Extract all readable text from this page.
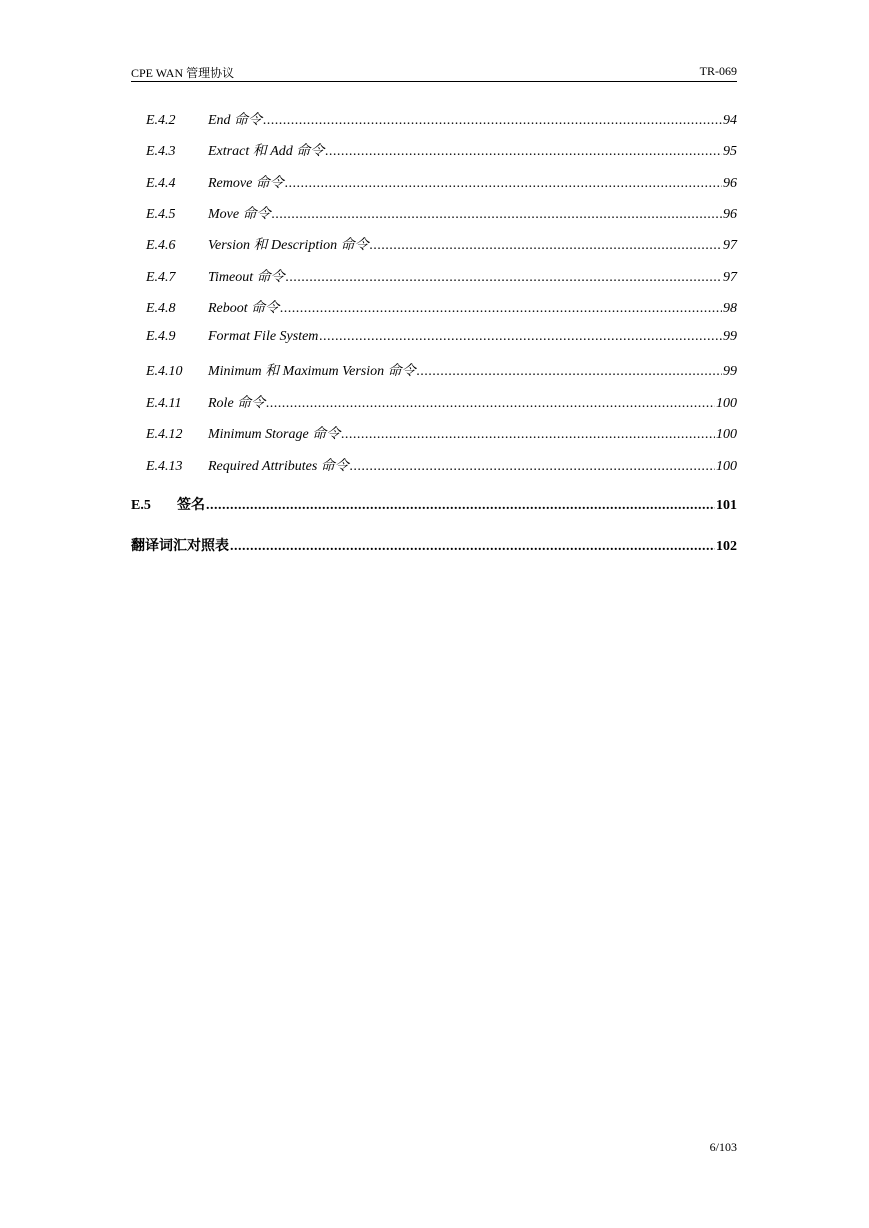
CPE WAN 管理协议	TR-069
E.4.2	End 命令 .....	94
E.4.3	Extract 和 Add 命令 .....	95
E.4.4	Remove 命令 .....	96
E.4.5	Move 命令 .....	96
E.4.6	Version 和 Description 命令 .....	97
E.4.7	Timeout 命令 .....	97
E.4.8	Reboot 命令 .....	98
E.4.9	Format File System .....	99
E.4.10	Minimum 和 Maximum Version 命令 .....	99
E.4.11	Role 命令 .....	100
E.4.12	Minimum Storage 命令 .....	100
E.4.13	Required Attributes 命令 .....	100
E.5	签名 .....	101
翻译词汇对照表 .....	102
6/103
